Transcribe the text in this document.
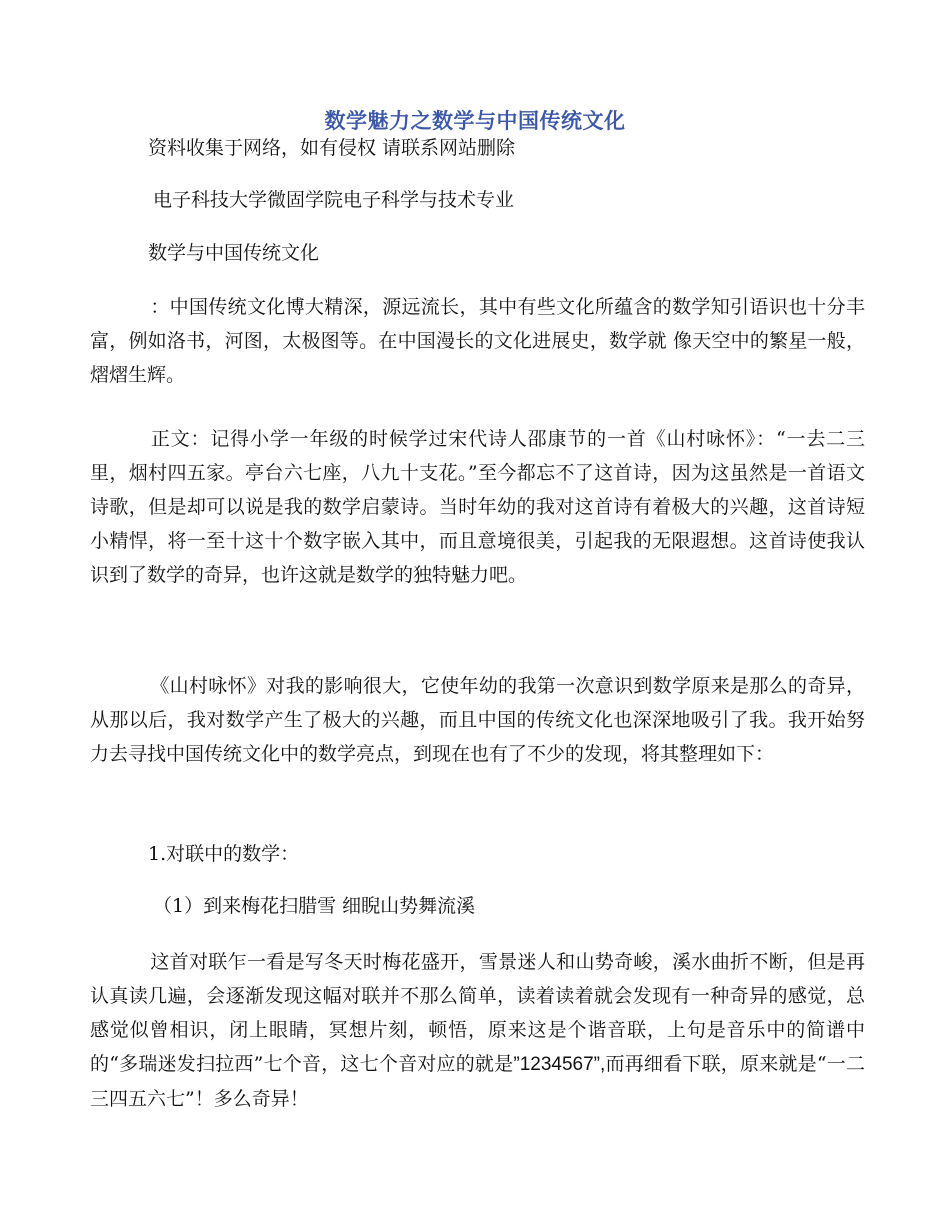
数学魅力之数学与中国传统文化
资料收集于网络，如有侵权 请联系网站删除
电子科技大学微固学院电子科学与技术专业
数学与中国传统文化

：中国传统文化博大精深，源远流长，其中有些文化所蕴含的数学知引语识也十分丰富，例如洛书，河图，太极图等。在中国漫长的文化进展史，数学就 像天空中的繁星一般，熠熠生辉。

正文：记得小学一年级的时候学过宋代诗人邵康节的一首《山村咏怀》：“一去二三里，烟村四五家。亭台六七座，八九十支花。”至今都忘不了这首诗，因为这虽然是一首语文诗歌，但是却可以说是我的数学启蒙诗。当时年幼的我对这首诗有着极大的兴趣，这首诗短小精悍，将一至十这十个数字嵌入其中，而且意境很美，引起我的无限遐想。这首诗使我认识到了数学的奇异，也许这就是数学的独特魅力吧。

《山村咏怀》对我的影响很大，它使年幼的我第一次意识到数学原来是那么的奇异，从那以后，我对数学产生了极大的兴趣，而且中国的传统文化也深深地吸引了我。我开始努力去寻找中国传统文化中的数学亮点，到现在也有了不少的发现，将其整理如下：

1.对联中的数学：
（1）到来梅花扫腊雪 细睨山势舞流溪

这首对联乍一看是写冬天时梅花盛开，雪景迷人和山势奇峻，溪水曲折不断，但是再认真读几遍，会逐渐发现这幅对联并不那么简单，读着读着就会发现有一种奇异的感觉，总感觉似曾相识，闭上眼睛，冥想片刻，顿悟，原来这是个谐音联，上句是音乐中的简谱中的“多瑞迷发扫拉西”七个音，这七个音对应的就是”1234567”,而再细看下联，原来就是“一二三四五六七”！多么奇异！
